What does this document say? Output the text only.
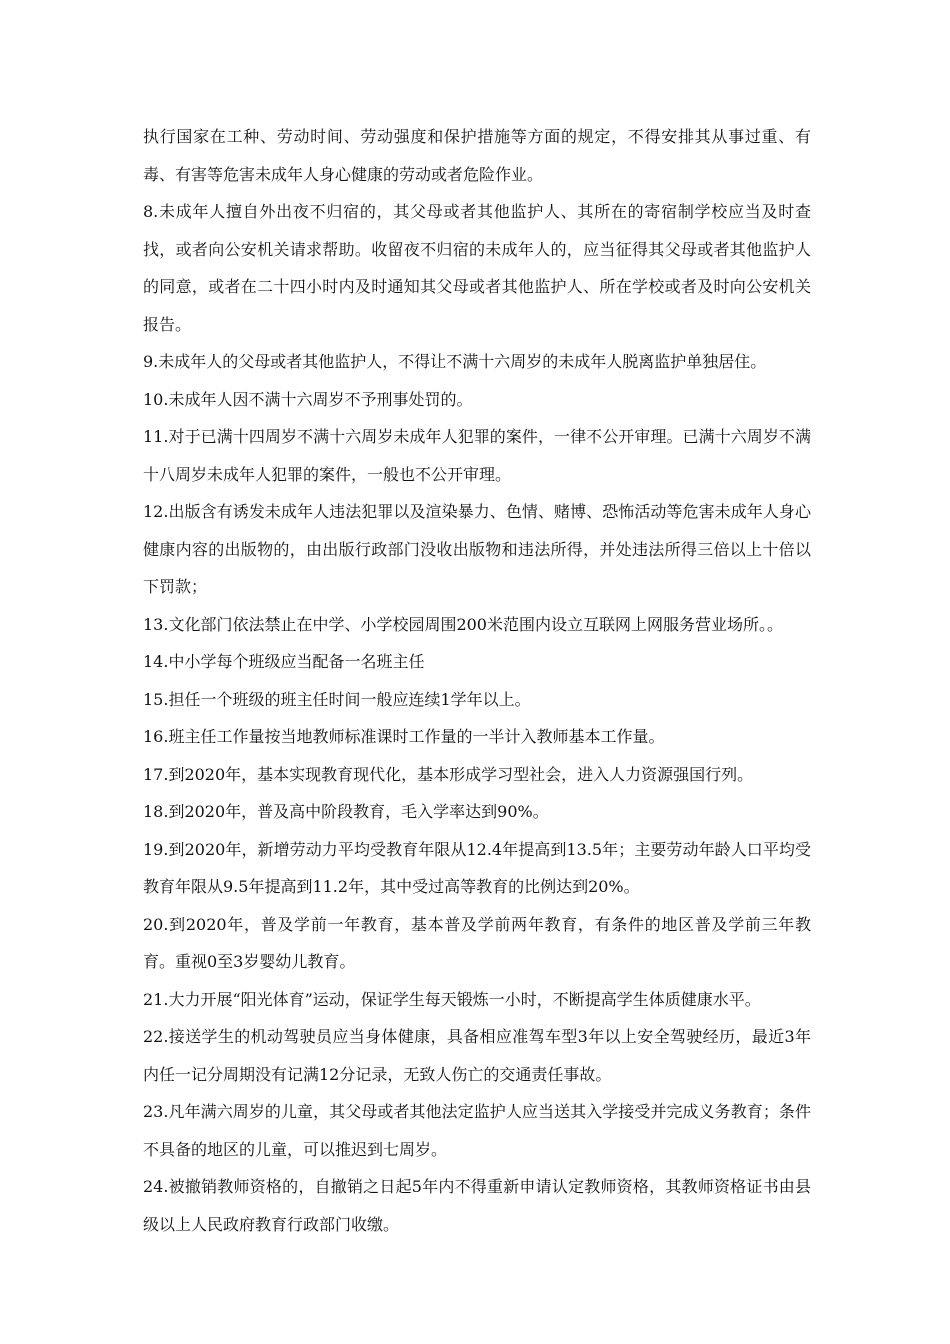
执行国家在工种、劳动时间、劳动强度和保护措施等方面的规定，不得安排其从事过重、有毒、有害等危害未成年人身心健康的劳动或者危险作业。

8.未成年人擅自外出夜不归宿的，其父母或者其他监护人、其所在的寄宿制学校应当及时查找，或者向公安机关请求帮助。收留夜不归宿的未成年人的，应当征得其父母或者其他监护人的同意，或者在二十四小时内及时通知其父母或者其他监护人、所在学校或者及时向公安机关报告。

9.未成年人的父母或者其他监护人，不得让不满十六周岁的未成年人脱离监护单独居住。

10.未成年人因不满十六周岁不予刑事处罚的。

11.对于已满十四周岁不满十六周岁未成年人犯罪的案件，一律不公开审理。已满十六周岁不满十八周岁未成年人犯罪的案件，一般也不公开审理。

12.出版含有诱发未成年人违法犯罪以及渲染暴力、色情、赌博、恐怖活动等危害未成年人身心健康内容的出版物的，由出版行政部门没收出版物和违法所得，并处违法所得三倍以上十倍以下罚款；

13.文化部门依法禁止在中学、小学校园周围200米范围内设立互联网上网服务营业场所。。

14.中小学每个班级应当配备一名班主任

15.担任一个班级的班主任时间一般应连续1学年以上。

16.班主任工作量按当地教师标准课时工作量的一半计入教师基本工作量。

17.到2020年，基本实现教育现代化，基本形成学习型社会，进入人力资源强国行列。

18.到2020年，普及高中阶段教育，毛入学率达到90%。

19.到2020年，新增劳动力平均受教育年限从12.4年提高到13.5年；主要劳动年龄人口平均受教育年限从9.5年提高到11.2年，其中受过高等教育的比例达到20%。

20.到2020年，普及学前一年教育，基本普及学前两年教育，有条件的地区普及学前三年教育。重视0至3岁婴幼儿教育。

21.大力开展“阳光体育”运动，保证学生每天锻炼一小时，不断提高学生体质健康水平。

22.接送学生的机动驾驶员应当身体健康，具备相应准驾车型3年以上安全驾驶经历，最近3年内任一记分周期没有记满12分记录，无致人伤亡的交通责任事故。

23.凡年满六周岁的儿童，其父母或者其他法定监护人应当送其入学接受并完成义务教育；条件不具备的地区的儿童，可以推迟到七周岁。

24.被撤销教师资格的，自撤销之日起5年内不得重新申请认定教师资格，其教师资格证书由县级以上人民政府教育行政部门收缴。
